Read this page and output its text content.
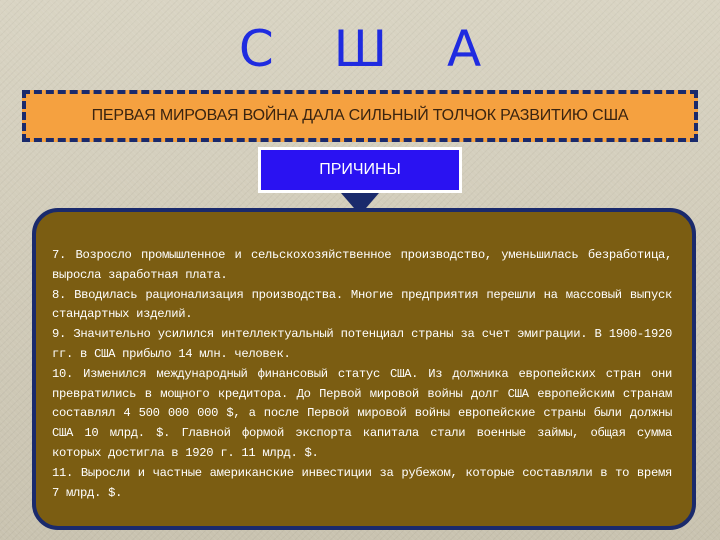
С Ш А
ПЕРВАЯ МИРОВАЯ ВОЙНА ДАЛА СИЛЬНЫЙ ТОЛЧОК РАЗВИТИЮ США
ПРИЧИНЫ

7. Возросло промышленное и сельскохозяйственное производство, уменьшилась безработица, выросла заработная плата.

8. Вводилась рационализация производства. Многие предприятия перешли на массовый выпуск стандартных изделий.

9. Значительно усилился интеллектуальный потенциал страны за счет эмиграции. В 1900-1920 гг. в США прибыло 14 млн. человек.

10. Изменился международный финансовый статус США. Из должника европейских стран они превратились в мощного кредитора. До Первой мировой войны долг США европейским странам составлял 4 500 000 000 $, а после Первой мировой войны европейские страны были должны США 10 млрд. $. Главной формой экспорта капитала стали военные займы, общая сумма которых достигла в 1920 г. 11 млрд. $.

11. Выросли и частные американские инвестиции за рубежом, которые составляли в то время 7 млрд. $.
